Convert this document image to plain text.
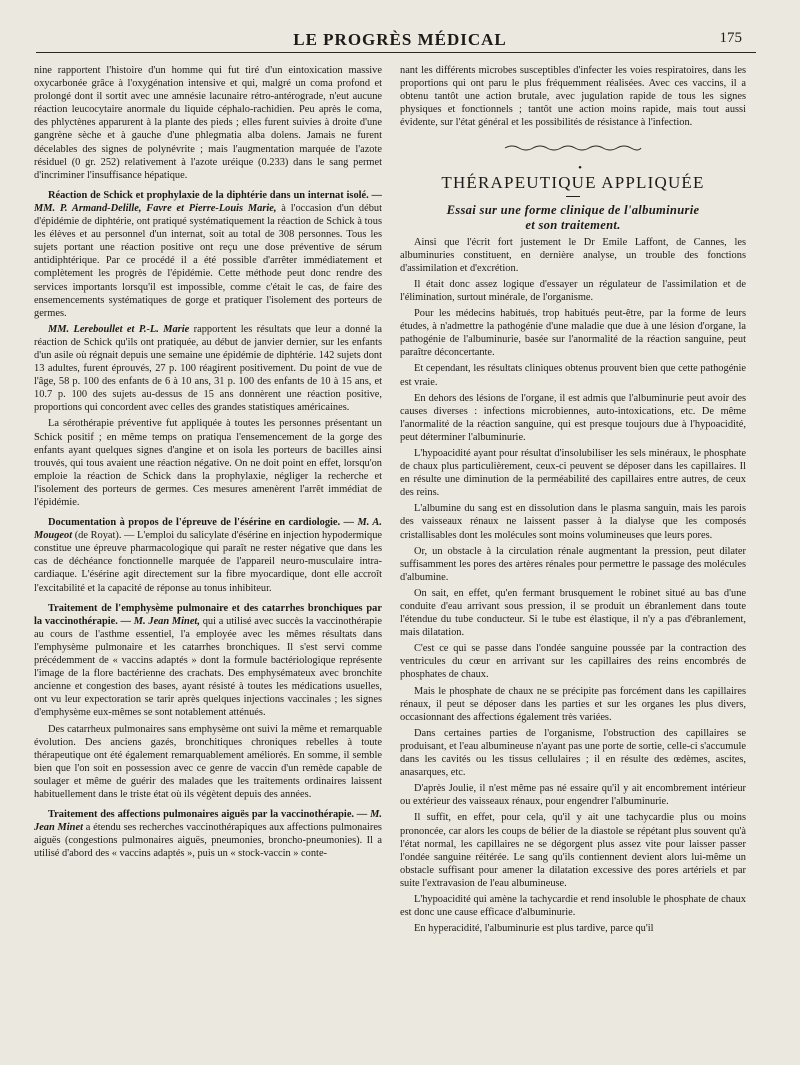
LE PROGRÈS MÉDICAL	175

nine rapportent l'histoire d'un homme qui fut tiré d'un eintoxication massive oxycarbonée grâce à l'oxygénation intensive et qui, malgré un coma profond et prolongé dont il sortit avec une amnésie lacunaire rétro-antérograde, n'eut aucune réaction leucocytaire anormale du liquide céphalo-rachidien. Peu après le coma, des phlyctènes apparurent à la plante des pieds ; elles furent suivies à droite d'une gangrène sèche et à gauche d'une phlegmatia alba dolens. Jamais ne furent décelables des signes de polynévrite ; mais l'augmentation marquée de l'azote résiduel (0 gr. 252) relativement à l'azote uréique (0.233) dans le sang permet d'incriminer l'insuffisance hépatique.

Réaction de Schick et prophylaxie de la diphtérie dans un internat isolé. — MM. P. Armand-Delille, Favre et Pierre-Louis Marie, à l'occasion d'un début d'épidémie de diphtérie, ont pratiqué systématiquement la réaction de Schick à tous les élèves et au personnel d'un internat, soit au total de 308 personnes. Tous les sujets portant une réaction positive ont reçu une dose préventive de sérum antidiphtérique. Par ce procédé il a été possible d'arrêter immédiatement et complètement les progrès de l'épidémie. Cette méthode peut donc rendre des services importants lorsqu'il est impossible, comme c'était le cas, de faire des ensemencements systématiques de gorge et pratiquer l'isolement des porteurs de germes.

MM. Lereboullet et P.-L. Marie rapportent les résultats que leur a donné la réaction de Schick qu'ils ont pratiquée, au début de janvier dernier, sur les enfants d'un asile où régnait depuis une semaine une épidémie de diphtérie. 142 sujets dont 13 adultes, furent éprouvés, 27 p. 100 réagirent positivement. Du point de vue de l'âge, 58 p. 100 des enfants de 6 à 10 ans, 31 p. 100 des enfants de 10 à 15 ans, et 10.7 p. 100 des sujets au-dessus de 15 ans donnèrent une réaction positive, proportions qui concordent avec celles des grandes statistiques américaines.

La sérothérapie préventive fut appliquée à toutes les personnes présentant un Schick positif ; en même temps on pratiqua l'ensemencement de la gorge des enfants ayant quelques signes d'angine et on isola les porteurs de bacilles ainsi trouvés, qui tous avaient une réaction négative. On ne doit point en effet, lorsqu'on emploie la réaction de Schick dans la prophylaxie, négliger la recherche et l'isolement des porteurs de germes. Ces mesures amenèrent l'arrêt immédiat de l'épidémie.

Documentation à propos de l'épreuve de l'ésérine en cardiologie. — M. A. Mougeot (de Royat). — L'emploi du salicylate d'ésérine en injection hypodermique constitue une épreuve pharmacologique qui paraît ne rester négative que dans les cas de déchéance fonctionnelle marquée de l'appareil neuro-musculaire intra-cardiaque. L'ésérine agit directement sur la fibre myocardique, dont elle accroît l'excitabilité et la capacité de réponse au tonus inhibiteur.

Traitement de l'emphysème pulmonaire et des catarrhes bronchiques par la vaccinothérapie. — M. Jean Minet, qui a utilisé avec succès la vaccinothérapie au cours de l'asthme essentiel, l'a employée avec les mêmes résultats dans l'emphysème pulmonaire et les catarrhes bronchiques. Il s'est servi comme précédemment de « vaccins adaptés » dont la formule bactériologique représente l'image de la flore bactérienne des crachats. Des emphysémateux avec bronchite ancienne et congestion des bases, ayant résisté à toutes les médications usuelles, ont vu leur expectoration se tarir après quelques injections vaccinales ; les signes d'emphysème eux-mêmes se sont notablement atténués.

Des catarrheux pulmonaires sans emphysème ont suivi la même et remarquable évolution. Des anciens gazés, bronchitiques chroniques rebelles à toute thérapeutique ont été également remarquablement améliorés. En somme, il semble bien que l'on soit en possession avec ce genre de vaccin d'un remède capable de soulager et même de guérir des malades que les traitements ordinaires laissent habituellement dans le triste état où ils végètent depuis des années.

Traitement des affections pulmonaires aiguës par la vaccinothérapie. — M. Jean Minet a étendu ses recherches vaccinothérapiques aux affections pulmonaires aiguës (congestions pulmonaires aiguës, pneumonies, broncho-pneumonies). Il a utilisé d'abord des « vaccins adaptés », puis un « stock-vaccin » conte-

nant les différents microbes susceptibles d'infecter les voies respiratoires, dans les proportions qui ont paru le plus fréquemment réalisées. Avec ces vaccins, il a obtenu tantôt une action brutale, avec jugulation rapide de tous les signes physiques et fonctionnels ; tantôt une action moins rapide, mais tout aussi évidente, sur l'état général et les possibilités de résistance à l'infection.

•

THÉRAPEUTIQUE APPLIQUÉE

Essai sur une forme clinique de l'albuminurie
et son traitement.

Ainsi que l'écrit fort justement le Dr Emile Laffont, de Cannes, les albuminuries constituent, en dernière analyse, un trouble des fonctions d'assimilation et d'excrétion.

Il était donc assez logique d'essayer un régulateur de l'assimilation et de l'élimination, surtout minérale, de l'organisme.

Pour les médecins habitués, trop habitués peut-être, par la forme de leurs études, à n'admettre la pathogénie d'une maladie que due à une lésion d'organe, la pathogénie de l'albuminurie, basée sur l'anormalité de la réaction sanguine, peut paraître déconcertante.

Et cependant, les résultats cliniques obtenus prouvent bien que cette pathogénie est vraie.

En dehors des lésions de l'organe, il est admis que l'albuminurie peut avoir des causes diverses : infections microbiennes, auto-intoxications, etc. De même l'anormalité de la réaction sanguine, qui est presque toujours due à l'hypoacidité, peut déterminer l'albuminurie.

L'hypoacidité ayant pour résultat d'insolubiliser les sels minéraux, le phosphate de chaux plus particulièrement, ceux-ci peuvent se déposer dans les capillaires. Il en résulte une diminution de la perméabilité des capillaires entre autres, de ceux des reins.

L'albumine du sang est en dissolution dans le plasma sanguin, mais les parois des vaisseaux rénaux ne laissent passer à la dialyse que les composés cristallisables dont les molécules sont moins volumineuses que leurs pores.

Or, un obstacle à la circulation rénale augmentant la pression, peut dilater suffisamment les pores des artères rénales pour permettre le passage des molécules d'albumine.

On sait, en effet, qu'en fermant brusquement le robinet situé au bas d'une conduite d'eau arrivant sous pression, il se produit un ébranlement dans toute l'étendue du tube conducteur. Si le tube est élastique, il n'y a pas d'ébranlement, mais dilatation.

C'est ce qui se passe dans l'ondée sanguine poussée par la contraction des ventricules du cœur en arrivant sur les capillaires des reins encombrés de phosphates de chaux.

Mais le phosphate de chaux ne se précipite pas forcément dans les capillaires rénaux, il peut se déposer dans les parties et sur les organes les plus divers, occasionnant des affections également très variées.

Dans certaines parties de l'organisme, l'obstruction des capillaires se produisant, et l'eau albumineuse n'ayant pas une porte de sortie, celle-ci s'accumule dans les cavités ou les tissus cellulaires ; il en résulte des œdèmes, ascites, anasarques, etc.

D'après Joulie, il n'est même pas né essaire qu'il y ait encombrement intérieur ou extérieur des vaisseaux rénaux, pour engendrer l'albuminurie.

Il suffit, en effet, pour cela, qu'il y ait une tachycardie plus ou moins prononcée, car alors les coups de bélier de la diastole se répétant plus souvent qu'à l'état normal, les capillaires ne se dégorgent plus assez vite pour laisser passer l'ondée sanguine réitérée. Le sang qu'ils contiennent devient alors lui-même un obstacle suffisant pour amener la dilatation excessive des pores artériels et par suite l'extravasion de l'eau albumineuse.

L'hypoacidité qui amène la tachycardie et rend insoluble le phosphate de chaux est donc une cause efficace d'albuminurie.

En hyperacidité, l'albuminurie est plus tardive, parce qu'il
